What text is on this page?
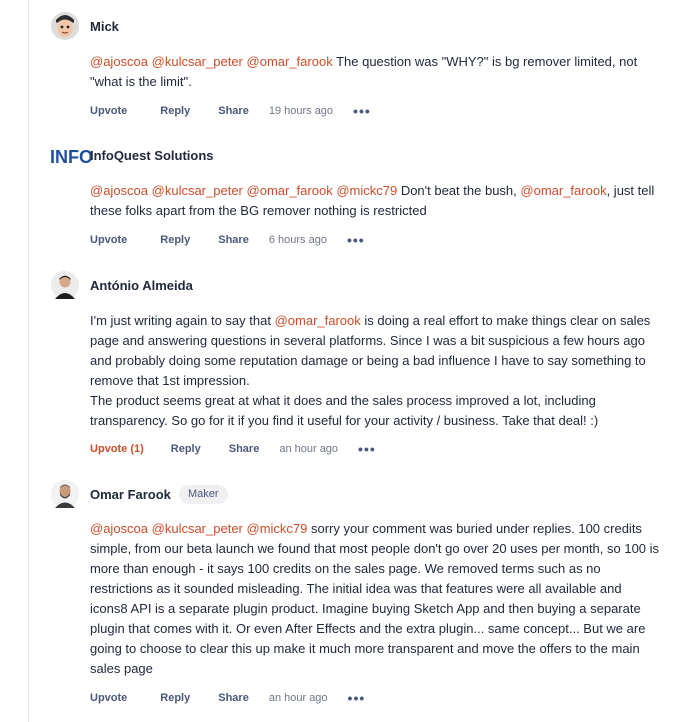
Mick

@ajoscoa @kulcsar_peter @omar_farook The question was "WHY?" is bg remover limited, not "what is the limit".

Upvote	Reply	Share 19 hours ago •••
INFO
InfoQuest Solutions

@ajoscoa @kulcsar_peter @omar_farook @mickc79 Don't beat the bush, @omar_farook, just tell these folks apart from the BG remover nothing is restricted

Upvote	Reply	Share 6 hours ago •••
António Almeida

I'm just writing again to say that @omar_farook is doing a real effort to make things clear on sales page and answering questions in several platforms. Since I was a bit suspicious a few hours ago and probably doing some reputation damage or being a bad influence I have to say something to remove that 1st impression.

The product seems great at what it does and the sales process improved a lot, including transparency. So go for it if you find it useful for your activity / business. Take that deal! :)

Upvote (1) Reply	Share an hour ago •••
Omar Farook	Maker

@ajoscoa @kulcsar_peter @mickc79 sorry your comment was buried under replies. 100 credits simple, from our beta launch we found that most people don't go over 20 uses per month, so 100 is more than enough - it says 100 credits on the sales page. We removed terms such as no restrictions as it sounded misleading. The initial idea was that features were all available and icons8 API is a separate plugin product. Imagine buying Sketch App and then buying a separate plugin that comes with it. Or even After Effects and the extra plugin... same concept... But we are going to choose to clear this up make it much more transparent and move the offers to the main sales page

Upvote	Reply	Share an hour ago •••
